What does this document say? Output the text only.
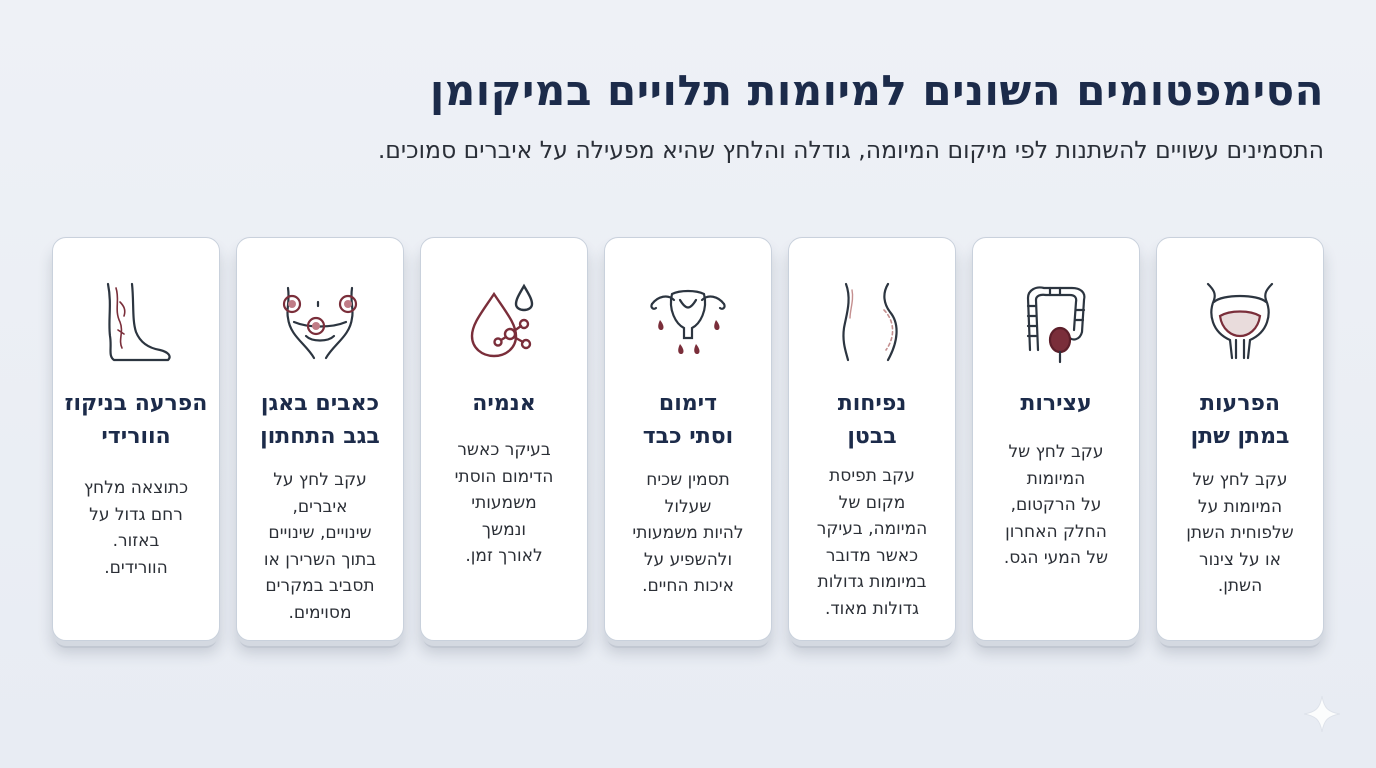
הסימפטומים השונים למיומות תלויים במיקומן

התסמינים עשויים להשתנות לפי מיקום המיומה, גודלה והלחץ שהיא מפעילה על איברים סמוכים.

הפרעות
במתן שתן
עקב לחץ של
המיומות על
שלפוחית השתן
או על צינור
השתן.
עצירות
עקב לחץ של
המיומות
על הרקטום,
החלק האחרון
של המעי הגס.
נפיחות
בבטן
עקב תפיסת
מקום של
המיומה, בעיקר
כאשר מדובר
במיומות גדולות
גדולות מאוד.
דימום
וסתי כבד
תסמין שכיח
שעלול
להיות משמעותי
ולהשפיע על
איכות החיים.
אנמיה
בעיקר כאשר
הדימום הוסתי
משמעותי
ונמשך
לאורך זמן.
כאבים באגן
בגב התחתון
עקב לחץ על
איברים,
שינויים, שינויים
בתוך השרירן או
תסביב במקרים
מסוימים.
הפרעה בניקוז
הוורידי
כתוצאה מלחץ
רחם גדול על
באזור.
הוורידים.
